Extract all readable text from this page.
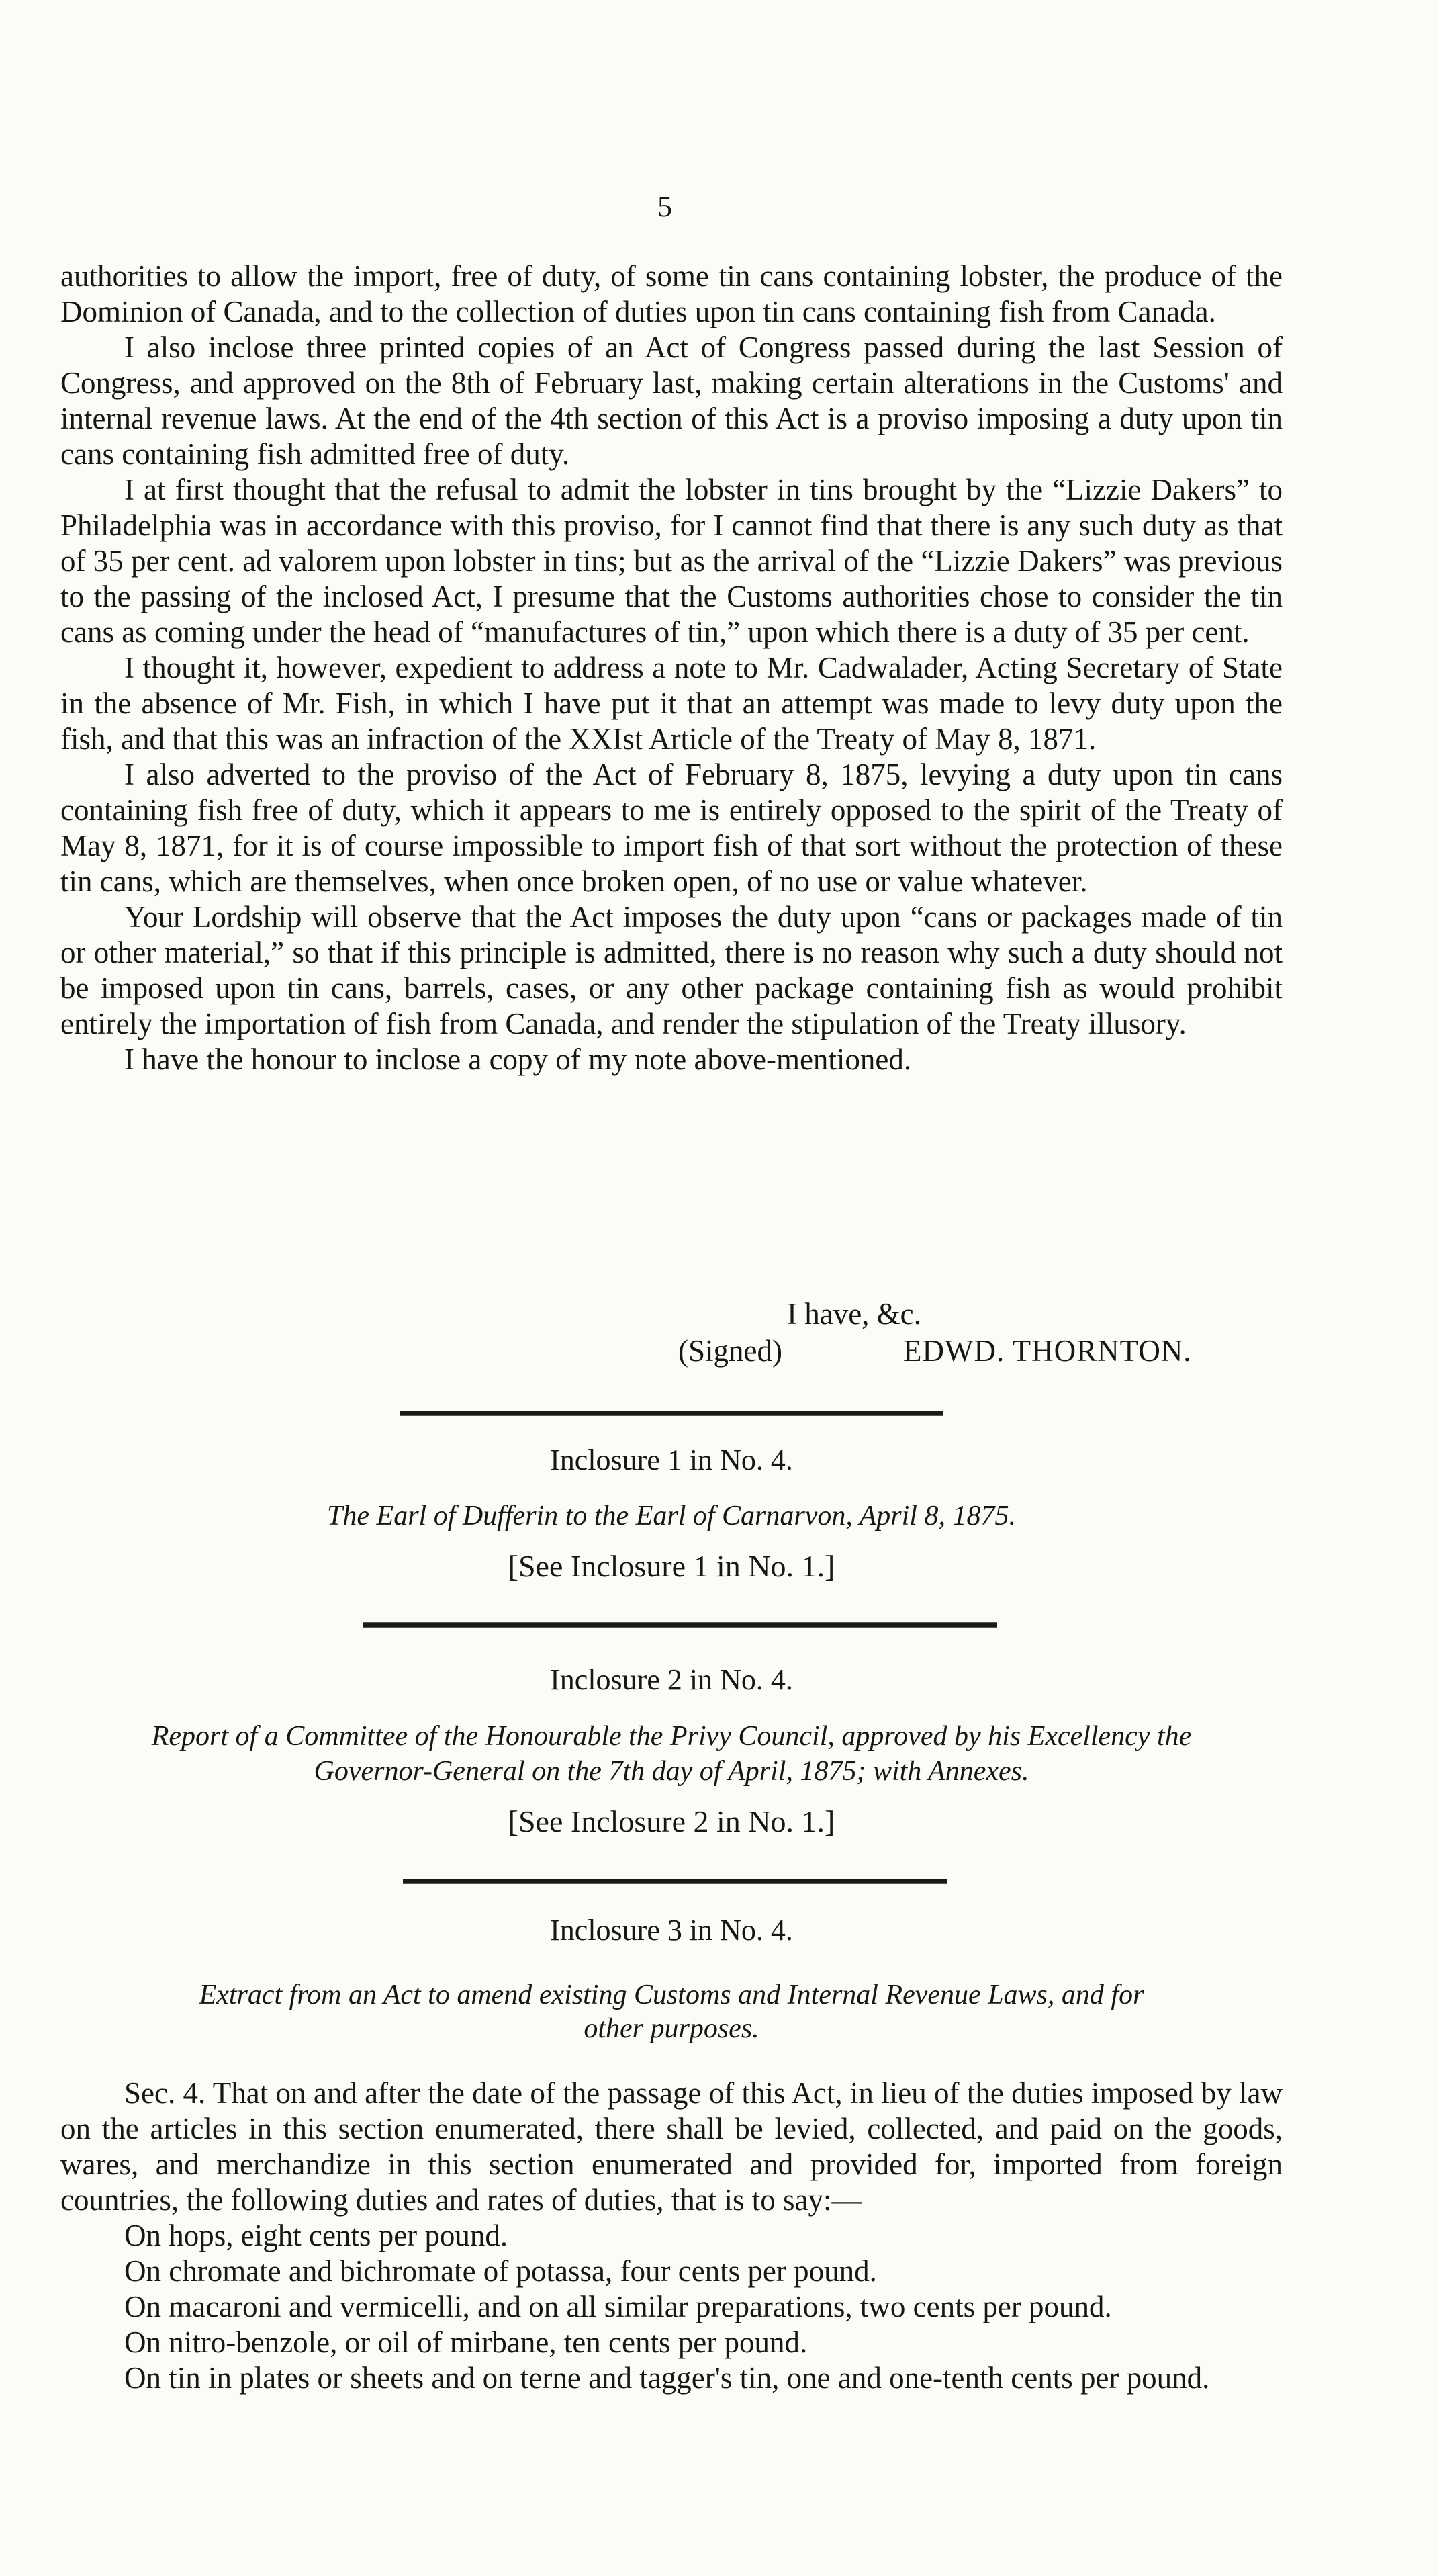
5

authorities to allow the import, free of duty, of some tin cans containing lobster, the produce of the Dominion of Canada, and to the collection of duties upon tin cans containing fish from Canada.

I also inclose three printed copies of an Act of Congress passed during the last Session of Congress, and approved on the 8th of February last, making certain alterations in the Customs' and internal revenue laws. At the end of the 4th section of this Act is a proviso imposing a duty upon tin cans containing fish admitted free of duty.

I at first thought that the refusal to admit the lobster in tins brought by the “Lizzie Dakers” to Philadelphia was in accordance with this proviso, for I cannot find that there is any such duty as that of 35 per cent. ad valorem upon lobster in tins; but as the arrival of the “Lizzie Dakers” was previous to the passing of the inclosed Act, I presume that the Customs authorities chose to consider the tin cans as coming under the head of “manufactures of tin,” upon which there is a duty of 35 per cent.

I thought it, however, expedient to address a note to Mr. Cadwalader, Acting Secretary of State in the absence of Mr. Fish, in which I have put it that an attempt was made to levy duty upon the fish, and that this was an infraction of the XXIst Article of the Treaty of May 8, 1871.

I also adverted to the proviso of the Act of February 8, 1875, levying a duty upon tin cans containing fish free of duty, which it appears to me is entirely opposed to the spirit of the Treaty of May 8, 1871, for it is of course impossible to import fish of that sort without the protection of these tin cans, which are themselves, when once broken open, of no use or value whatever.

Your Lordship will observe that the Act imposes the duty upon “cans or packages made of tin or other material,” so that if this principle is admitted, there is no reason why such a duty should not be imposed upon tin cans, barrels, cases, or any other package containing fish as would prohibit entirely the importation of fish from Canada, and render the stipulation of the Treaty illusory.

I have the honour to inclose a copy of my note above-mentioned.

I have, &c.
(Signed)	EDWD. THORNTON.
Inclosure 1 in No. 4.
The Earl of Dufferin to the Earl of Carnarvon, April 8, 1875.
[See Inclosure 1 in No. 1.]
Inclosure 2 in No. 4.
Report of a Committee of the Honourable the Privy Council, approved by his Excellency the
Governor-General on the 7th day of April, 1875; with Annexes.
[See Inclosure 2 in No. 1.]
Inclosure 3 in No. 4.
Extract from an Act to amend existing Customs and Internal Revenue Laws, and for
other purposes.

Sec. 4. That on and after the date of the passage of this Act, in lieu of the duties imposed by law on the articles in this section enumerated, there shall be levied, collected, and paid on the goods, wares, and merchandize in this section enumerated and provided for, imported from foreign countries, the following duties and rates of duties, that is to say:—

On hops, eight cents per pound.

On chromate and bichromate of potassa, four cents per pound.

On macaroni and vermicelli, and on all similar preparations, two cents per pound.

On nitro-benzole, or oil of mirbane, ten cents per pound.

On tin in plates or sheets and on terne and tagger's tin, one and one-tenth cents per pound.
